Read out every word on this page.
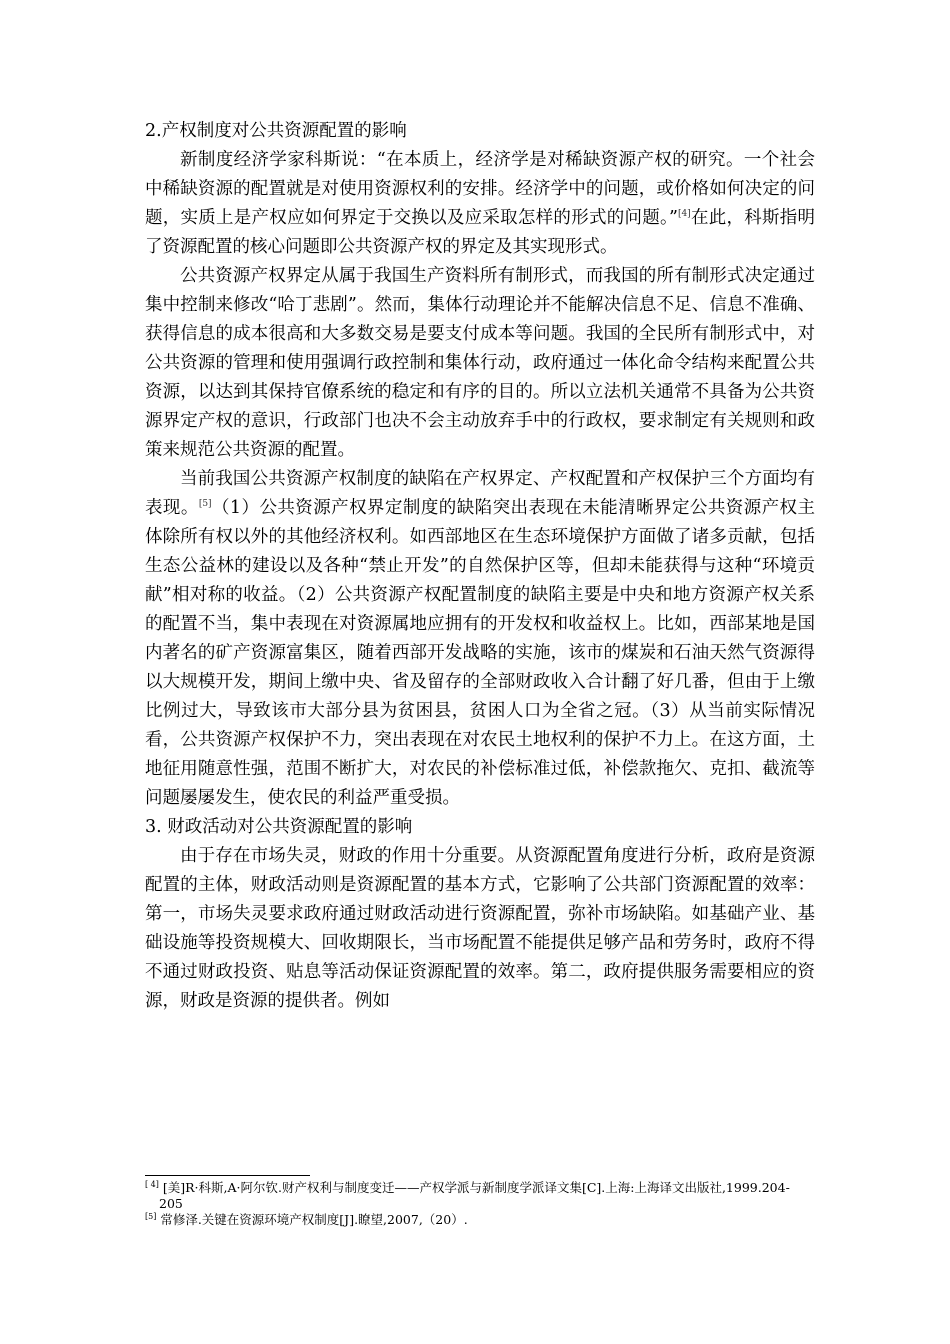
2.产权制度对公共资源配置的影响

新制度经济学家科斯说：“在本质上，经济学是对稀缺资源产权的研究。一个社会中稀缺资源的配置就是对使用资源权利的安排。经济学中的问题，或价格如何决定的问题，实质上是产权应如何界定于交换以及应采取怎样的形式的问题。”[4]在此，科斯指明了资源配置的核心问题即公共资源产权的界定及其实现形式。

公共资源产权界定从属于我国生产资料所有制形式，而我国的所有制形式决定通过集中控制来修改“哈丁悲剧”。然而，集体行动理论并不能解决信息不足、信息不准确、获得信息的成本很高和大多数交易是要支付成本等问题。我国的全民所有制形式中，对公共资源的管理和使用强调行政控制和集体行动，政府通过一体化命令结构来配置公共资源，以达到其保持官僚系统的稳定和有序的目的。所以立法机关通常不具备为公共资源界定产权的意识，行政部门也决不会主动放弃手中的行政权，要求制定有关规则和政策来规范公共资源的配置。

当前我国公共资源产权制度的缺陷在产权界定、产权配置和产权保护三个方面均有表现。[5]（1）公共资源产权界定制度的缺陷突出表现在未能清晰界定公共资源产权主体除所有权以外的其他经济权利。如西部地区在生态环境保护方面做了诸多贡献，包括生态公益林的建设以及各种“禁止开发”的自然保护区等，但却未能获得与这种“环境贡献”相对称的收益。（2）公共资源产权配置制度的缺陷主要是中央和地方资源产权关系的配置不当，集中表现在对资源属地应拥有的开发权和收益权上。比如，西部某地是国内著名的矿产资源富集区，随着西部开发战略的实施，该市的煤炭和石油天然气资源得以大规模开发，期间上缴中央、省及留存的全部财政收入合计翻了好几番，但由于上缴比例过大，导致该市大部分县为贫困县，贫困人口为全省之冠。（3）从当前实际情况看，公共资源产权保护不力，突出表现在对农民土地权利的保护不力上。在这方面，土地征用随意性强，范围不断扩大，对农民的补偿标准过低，补偿款拖欠、克扣、截流等问题屡屡发生，使农民的利益严重受损。

3. 财政活动对公共资源配置的影响

由于存在市场失灵，财政的作用十分重要。从资源配置角度进行分析，政府是资源配置的主体，财政活动则是资源配置的基本方式，它影响了公共部门资源配置的效率：第一，市场失灵要求政府通过财政活动进行资源配置，弥补市场缺陷。如基础产业、基础设施等投资规模大、回收期限长，当市场配置不能提供足够产品和劳务时，政府不得不通过财政投资、贴息等活动保证资源配置的效率。第二，政府提供服务需要相应的资源，财政是资源的提供者。例如

[ 4] [美]R·科斯,A·阿尔钦.财产权利与制度变迁——产权学派与新制度学派译文集[C].上海:上海译文出版社,1999.204-205

[5] 常修泽.关键在资源环境产权制度[J].瞭望,2007,（20）.
